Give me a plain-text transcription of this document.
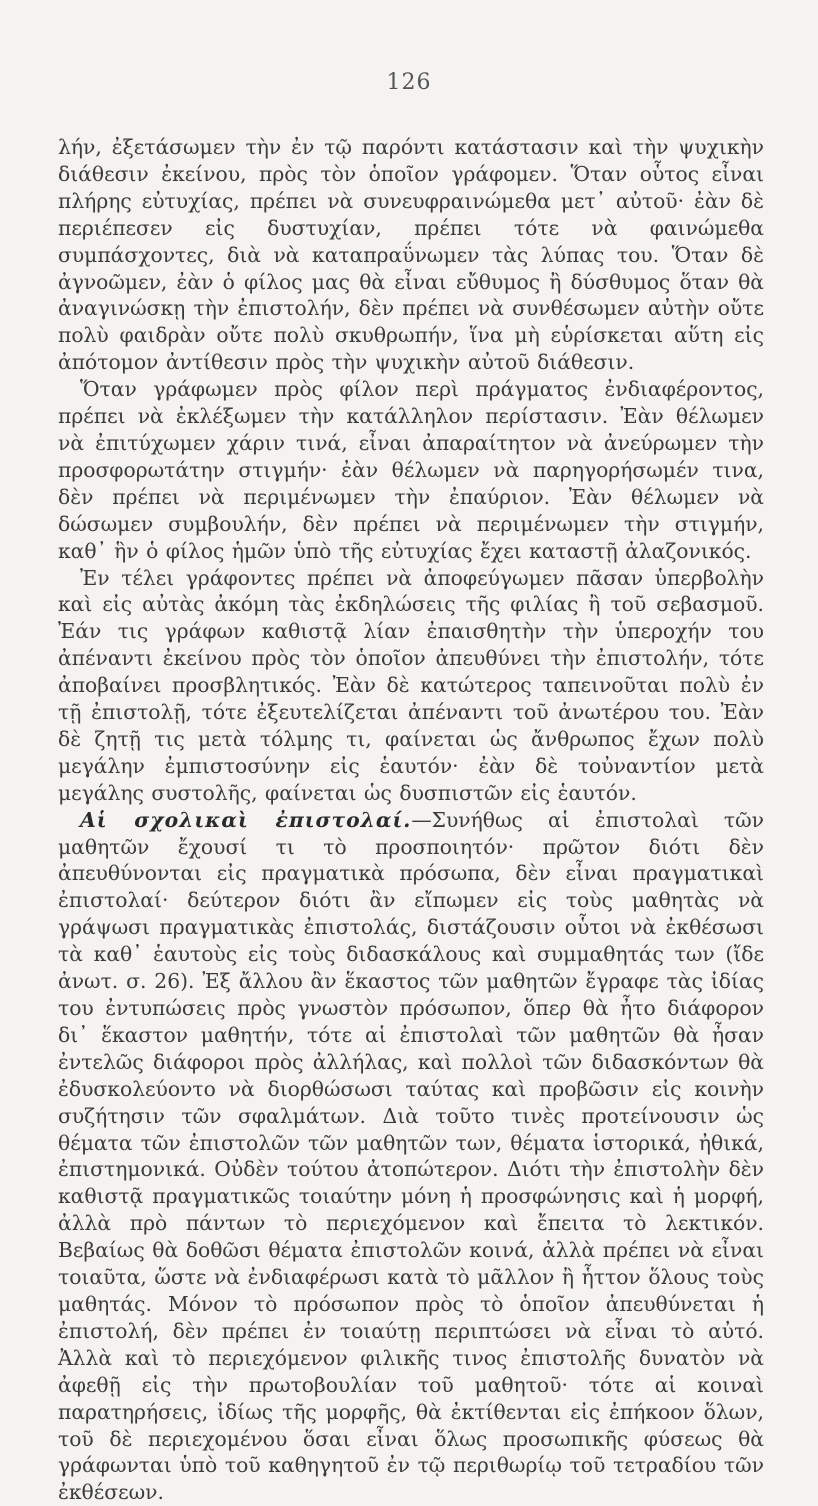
126

λήν, ἐξετάσωμεν τὴν ἐν τῷ παρόντι κατάστασιν καὶ τὴν ψυχικὴν διάθεσιν ἐκείνου, πρὸς τὸν ὁποῖον γράφομεν. Ὅταν οὗτος εἶναι πλήρης εὐτυχίας, πρέπει νὰ συνευφραινώμεθα μετ᾽ αὐτοῦ· ἐὰν δὲ περιέπεσεν εἰς δυστυχίαν, πρέπει τότε νὰ φαινώμεθα συμπάσχοντες, διὰ νὰ καταπραΰνωμεν τὰς λύπας του. Ὅταν δὲ ἀγνοῶμεν, ἐὰν ὁ φίλος μας θὰ εἶναι εὔθυμος ἢ δύσθυμος ὅταν θὰ ἀναγινώσκῃ τὴν ἐπιστολήν, δὲν πρέπει νὰ συνθέσωμεν αὐτὴν οὔτε πολὺ φαιδρὰν οὔτε πολὺ σκυθρωπήν, ἵνα μὴ εὑρίσκεται αὕτη εἰς ἀπότομον ἀντίθεσιν πρὸς τὴν ψυχικὴν αὐτοῦ διάθεσιν.

Ὅταν γράφωμεν πρὸς φίλον περὶ πράγματος ἐνδιαφέροντος, πρέπει νὰ ἐκλέξωμεν τὴν κατάλληλον περίστασιν. Ἐὰν θέλωμεν νὰ ἐπιτύχωμεν χάριν τινά, εἶναι ἀπαραίτητον νὰ ἀνεύρωμεν τὴν προσφορωτάτην στιγμήν· ἐὰν θέλωμεν νὰ παρηγορήσωμέν τινα, δὲν πρέπει νὰ περιμένωμεν τὴν ἐπαύριον. Ἐὰν θέλωμεν νὰ δώσωμεν συμβουλήν, δὲν πρέπει νὰ περιμένωμεν τὴν στιγμήν, καθ᾽ ἣν ὁ φίλος ἡμῶν ὑπὸ τῆς εὐτυχίας ἔχει καταστῇ ἀλαζονικός.

Ἐν τέλει γράφοντες πρέπει νὰ ἀποφεύγωμεν πᾶσαν ὑπερβολὴν καὶ εἰς αὐτὰς ἀκόμη τὰς ἐκδηλώσεις τῆς φιλίας ἢ τοῦ σεβασμοῦ. Ἐάν τις γράφων καθιστᾷ λίαν ἐπαισθητὴν τὴν ὑπεροχήν του ἀπέναντι ἐκείνου πρὸς τὸν ὁποῖον ἀπευθύνει τὴν ἐπιστολήν, τότε ἀποβαίνει προσβλητικός. Ἐὰν δὲ κατώτερος ταπεινοῦται πολὺ ἐν τῇ ἐπιστολῇ, τότε ἐξευτελίζεται ἀπέναντι τοῦ ἀνωτέρου του. Ἐὰν δὲ ζητῇ τις μετὰ τόλμης τι, φαίνεται ὡς ἄνθρωπος ἔχων πολὺ μεγάλην ἐμπιστοσύνην εἰς ἑαυτόν· ἐὰν δὲ τοὐναντίον μετὰ μεγάλης συστολῆς, φαίνεται ὡς δυσπιστῶν εἰς ἑαυτόν.

Αἱ σχολικαὶ ἐπιστολαί.—Συνήθως αἱ ἐπιστολαὶ τῶν μαθητῶν ἔχουσί τι τὸ προσποιητόν· πρῶτον διότι δὲν ἀπευθύνονται εἰς πραγματικὰ πρόσωπα, δὲν εἶναι πραγματικαὶ ἐπιστολαί· δεύτερον διότι ἂν εἴπωμεν εἰς τοὺς μαθητὰς νὰ γράψωσι πραγματικὰς ἐπιστολάς, διστάζουσιν οὗτοι νὰ ἐκθέσωσι τὰ καθ᾽ ἑαυτοὺς εἰς τοὺς διδασκάλους καὶ συμμαθητάς των (ἴδε ἀνωτ. σ. 26). Ἐξ ἄλλου ἂν ἕκαστος τῶν μαθητῶν ἔγραφε τὰς ἰδίας του ἐντυπώσεις πρὸς γνωστὸν πρόσωπον, ὅπερ θὰ ἦτο διάφορον δι᾽ ἕκαστον μαθητήν, τότε αἱ ἐπιστολαὶ τῶν μαθητῶν θὰ ἦσαν ἐντελῶς διάφοροι πρὸς ἀλλήλας, καὶ πολλοὶ τῶν διδασκόντων θὰ ἐδυσκολεύοντο νὰ διορθώσωσι ταύτας καὶ προβῶσιν εἰς κοινὴν συζήτησιν τῶν σφαλμάτων. Διὰ τοῦτο τινὲς προτείνουσιν ὡς θέματα τῶν ἐπιστολῶν τῶν μαθητῶν των, θέματα ἱστορικά, ἠθικά, ἐπιστημονικά. Οὐδὲν τούτου ἀτοπώτερον. Διότι τὴν ἐπιστολὴν δὲν καθιστᾷ πραγματικῶς τοιαύτην μόνη ἡ προσφώνησις καὶ ἡ μορφή, ἀλλὰ πρὸ πάντων τὸ περιεχόμενον καὶ ἔπειτα τὸ λεκτικόν. Βεβαίως θὰ δοθῶσι θέματα ἐπιστολῶν κοινά, ἀλλὰ πρέπει νὰ εἶναι τοιαῦτα, ὥστε νὰ ἐνδιαφέρωσι κατὰ τὸ μᾶλλον ἢ ἧττον ὅλους τοὺς μαθητάς. Μόνον τὸ πρόσωπον πρὸς τὸ ὁποῖον ἀπευθύνεται ἡ ἐπιστολή, δὲν πρέπει ἐν τοιαύτῃ περιπτώσει νὰ εἶναι τὸ αὐτό. Ἀλλὰ καὶ τὸ περιεχόμενον φιλικῆς τινος ἐπιστολῆς δυνατὸν νὰ ἀφεθῇ εἰς τὴν πρωτοβουλίαν τοῦ μαθητοῦ· τότε αἱ κοιναὶ παρατηρήσεις, ἰδίως τῆς μορφῆς, θὰ ἐκτίθενται εἰς ἐπήκοον ὅλων, τοῦ δὲ περιεχομένου ὅσαι εἶναι ὅλως προσωπικῆς φύσεως θὰ γράφωνται ὑπὸ τοῦ καθηγητοῦ ἐν τῷ περιθωρίῳ τοῦ τετραδίου τῶν ἐκθέσεων.
